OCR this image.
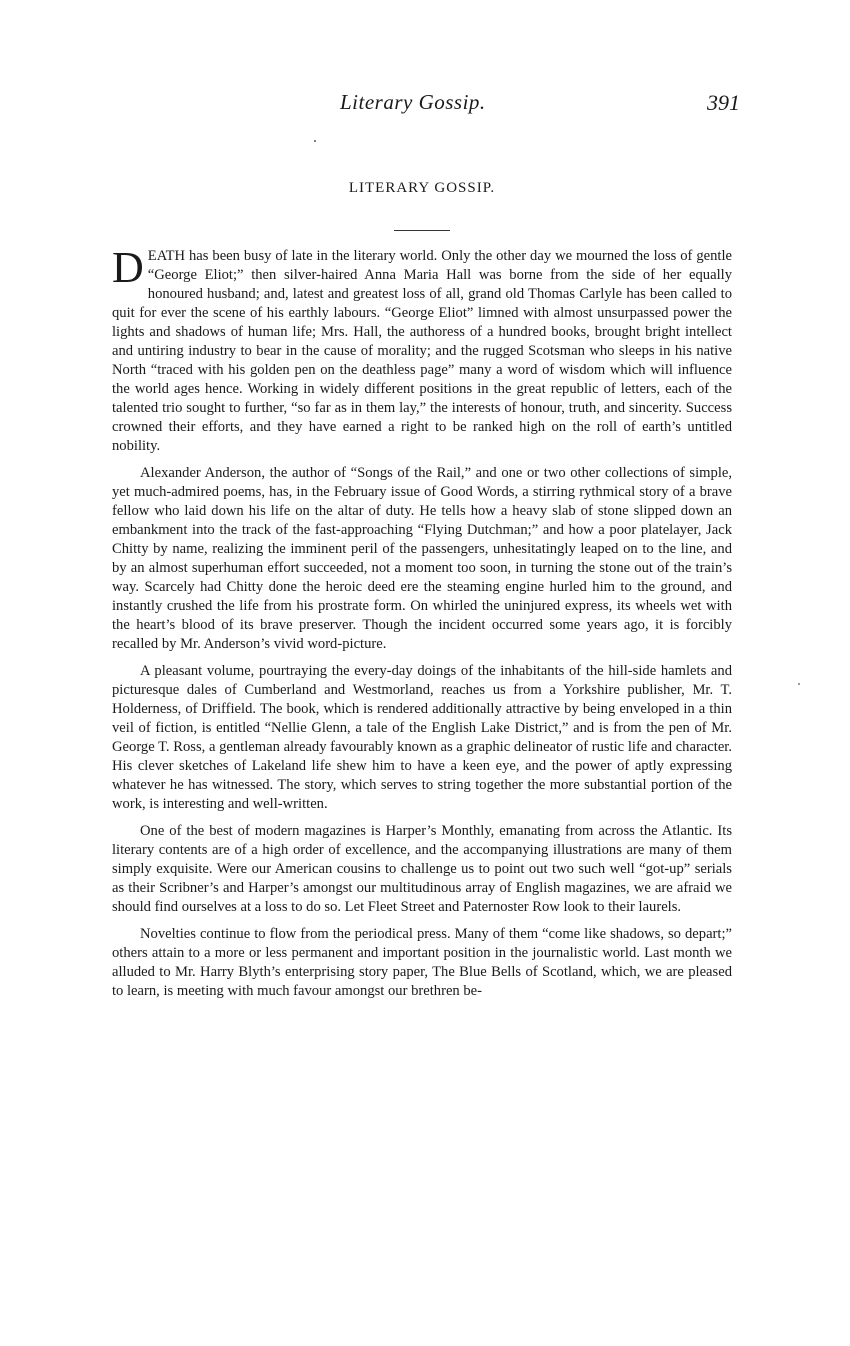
Literary Gossip.	391
LITERARY GOSSIP.

DEATH has been busy of late in the literary world. Only the other day we mourned the loss of gentle “George Eliot;” then silver-haired Anna Maria Hall was borne from the side of her equally honoured husband; and, latest and greatest loss of all, grand old Thomas Carlyle has been called to quit for ever the scene of his earthly labours. “George Eliot” limned with almost unsurpassed power the lights and shadows of human life; Mrs. Hall, the authoress of a hundred books, brought bright intellect and untiring industry to bear in the cause of morality; and the rugged Scotsman who sleeps in his native North “traced with his golden pen on the deathless page” many a word of wisdom which will influence the world ages hence. Working in widely different positions in the great republic of letters, each of the talented trio sought to further, “so far as in them lay,” the interests of honour, truth, and sincerity. Success crowned their efforts, and they have earned a right to be ranked high on the roll of earth’s untitled nobility.

Alexander Anderson, the author of “Songs of the Rail,” and one or two other collections of simple, yet much-admired poems, has, in the February issue of Good Words, a stirring rythmical story of a brave fellow who laid down his life on the altar of duty. He tells how a heavy slab of stone slipped down an embankment into the track of the fast-approaching “Flying Dutchman;” and how a poor platelayer, Jack Chitty by name, realizing the imminent peril of the passengers, unhesitatingly leaped on to the line, and by an almost superhuman effort succeeded, not a moment too soon, in turning the stone out of the train’s way. Scarcely had Chitty done the heroic deed ere the steaming engine hurled him to the ground, and instantly crushed the life from his prostrate form. On whirled the uninjured express, its wheels wet with the heart’s blood of its brave preserver. Though the incident occurred some years ago, it is forcibly recalled by Mr. Anderson’s vivid word-picture.

A pleasant volume, pourtraying the every-day doings of the inhabitants of the hill-side hamlets and picturesque dales of Cumberland and Westmorland, reaches us from a Yorkshire publisher, Mr. T. Holderness, of Driffield. The book, which is rendered additionally attractive by being enveloped in a thin veil of fiction, is entitled “Nellie Glenn, a tale of the English Lake District,” and is from the pen of Mr. George T. Ross, a gentleman already favourably known as a graphic delineator of rustic life and character. His clever sketches of Lakeland life shew him to have a keen eye, and the power of aptly expressing whatever he has witnessed. The story, which serves to string together the more substantial portion of the work, is interesting and well-written.

One of the best of modern magazines is Harper’s Monthly, emanating from across the Atlantic. Its literary contents are of a high order of excellence, and the accompanying illustrations are many of them simply exquisite. Were our American cousins to challenge us to point out two such well “got-up” serials as their Scribner’s and Harper’s amongst our multitudinous array of English magazines, we are afraid we should find ourselves at a loss to do so. Let Fleet Street and Paternoster Row look to their laurels.

Novelties continue to flow from the periodical press. Many of them “come like shadows, so depart;” others attain to a more or less permanent and important position in the journalistic world. Last month we alluded to Mr. Harry Blyth’s enterprising story paper, The Blue Bells of Scotland, which, we are pleased to learn, is meeting with much favour amongst our brethren be-
